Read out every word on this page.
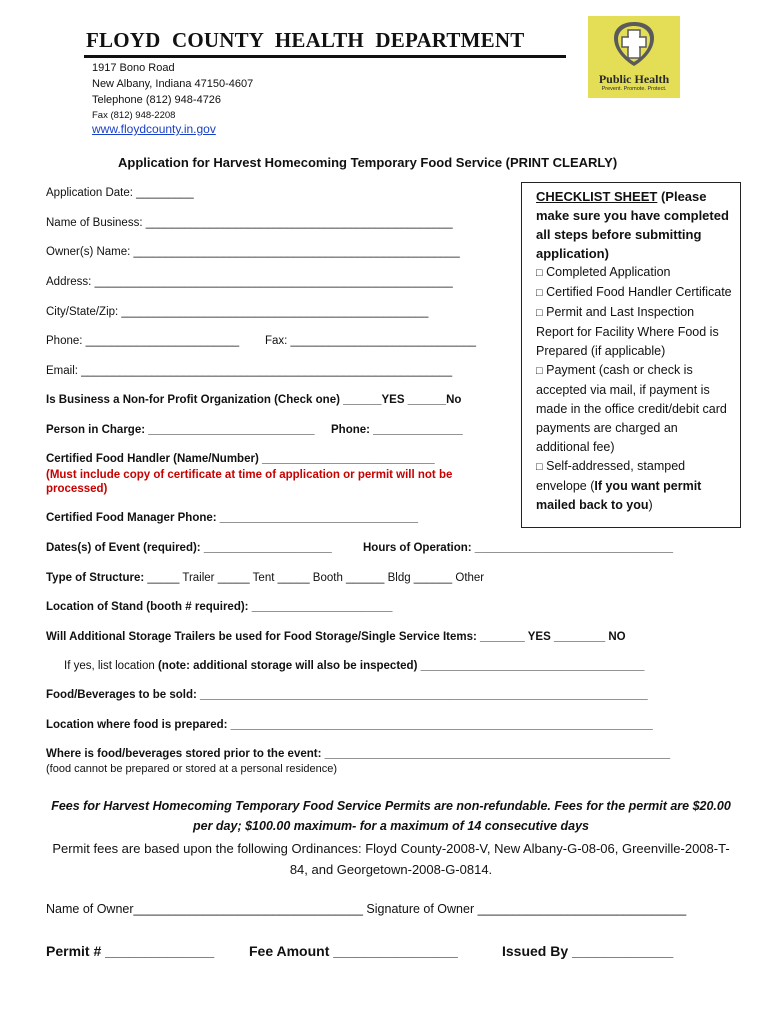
FLOYD COUNTY HEALTH DEPARTMENT
1917 Bono Road
New Albany, Indiana 47150-4607
Telephone (812) 948-4726
Fax (812) 948-2208
www.floydcounty.in.gov
Public Health
Prevent. Promote. Protect.
Application for Harvest Homecoming Temporary Food Service (PRINT CLEARLY)
Application Date: _________
Name of Business: ________________________________________________
Owner(s) Name: ___________________________________________________
Address: ________________________________________________________
City/State/Zip: ________________________________________________
Phone: ________________________ Fax: _____________________________
Email: __________________________________________________________
Is Business a Non-for Profit Organization (Check one) ______YES ______No
Person in Charge: __________________________ Phone: ______________
Certified Food Handler (Name/Number) ___________________________
(Must include copy of certificate at time of application or permit will not be processed)
Certified Food Manager Phone: _______________________________

CHECKLIST SHEET (Please make sure you have completed all steps before submitting application)

□ Completed Application

□ Certified Food Handler Certificate

□ Permit and Last Inspection Report for Facility Where Food is Prepared (if applicable)

□ Payment (cash or check is accepted via mail, if payment is made in the office credit/debit card payments are charged an additional fee)

□ Self-addressed, stamped envelope (If you want permit mailed back to you)

Dates(s) of Event (required): ____________________	Hours of Operation: _______________________________
Type of Structure: _____ Trailer _____ Tent _____ Booth ______ Bldg ______ Other
Location of Stand (booth # required): ______________________
Will Additional Storage Trailers be used for Food Storage/Single Service Items: _______ YES ________ NO
If yes, list location (note: additional storage will also be inspected) ___________________________________
Food/Beverages to be sold: ______________________________________________________________________
Location where food is prepared: __________________________________________________________________
Where is food/beverages stored prior to the event: ______________________________________________________
(food cannot be prepared or stored at a personal residence)
Fees for Harvest Homecoming Temporary Food Service Permits are non-refundable. Fees for the permit are $20.00 per day; $100.00 maximum- for a maximum of 14 consecutive days
Permit fees are based upon the following Ordinances: Floyd County-2008-V, New Albany-G-08-06, Greenville-2008-T-84, and Georgetown-2008-G-0814.
Name of Owner_________________________________ Signature of Owner ______________________________
Permit # ______________ Fee Amount ________________	Issued By _____________
